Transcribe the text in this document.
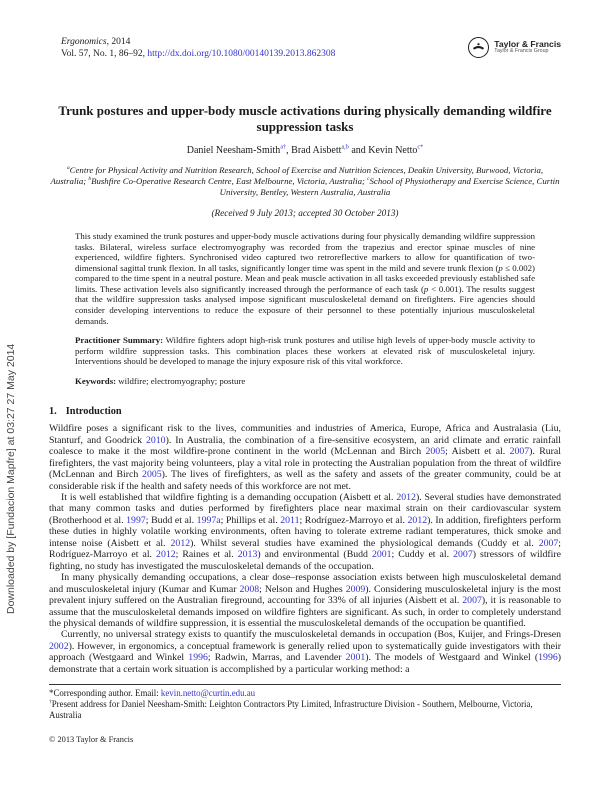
Downloaded by [Fundacion Mapfre] at 03:27 27 May 2014
Ergonomics, 2014
Vol. 57, No. 1, 86–92, http://dx.doi.org/10.1080/00140139.2013.862308
Taylor & Francis
Taylor & Francis Group
Trunk postures and upper-body muscle activations during physically demanding wildfire suppression tasks
Daniel Neesham-Smith$^{a\dagger}$, Brad Aisbett$^{a,b}$ and Kevin Netto$^{c*}$
$^a$Centre for Physical Activity and Nutrition Research, School of Exercise and Nutrition Sciences, Deakin University, Burwood, Victoria, Australia; $^b$Bushfire Co-Operative Research Centre, East Melbourne, Victoria, Australia; $^c$School of Physiotherapy and Exercise Science, Curtin University, Bentley, Western Australia, Australia
(Received 9 July 2013; accepted 30 October 2013)

This study examined the trunk postures and upper-body muscle activations during four physically demanding wildfire suppression tasks. Bilateral, wireless surface electromyography was recorded from the trapezius and erector spinae muscles of nine experienced, wildfire fighters. Synchronised video captured two retroreflective markers to allow for quantification of two-dimensional sagittal trunk flexion. In all tasks, significantly longer time was spent in the mild and severe trunk flexion (p ≤ 0.002) compared to the time spent in a neutral posture. Mean and peak muscle activation in all tasks exceeded previously established safe limits. These activation levels also significantly increased through the performance of each task (p < 0.001). The results suggest that the wildfire suppression tasks analysed impose significant musculoskeletal demand on firefighters. Fire agencies should consider developing interventions to reduce the exposure of their personnel to these potentially injurious musculoskeletal demands.

Practitioner Summary: Wildfire fighters adopt high-risk trunk postures and utilise high levels of upper-body muscle activity to perform wildfire suppression tasks. This combination places these workers at elevated risk of musculoskeletal injury. Interventions should be developed to manage the injury exposure risk of this vital workforce.

Keywords: wildfire; electromyography; posture

1. Introduction

Wildfire poses a significant risk to the lives, communities and industries of America, Europe, Africa and Australasia (Liu, Stanturf, and Goodrick 2010). In Australia, the combination of a fire-sensitive ecosystem, an arid climate and erratic rainfall coalesce to make it the most wildfire-prone continent in the world (McLennan and Birch 2005; Aisbett et al. 2007). Rural firefighters, the vast majority being volunteers, play a vital role in protecting the Australian population from the threat of wildfire (McLennan and Birch 2005). The lives of firefighters, as well as the safety and assets of the greater community, could be at considerable risk if the health and safety needs of this workforce are not met.

It is well established that wildfire fighting is a demanding occupation (Aisbett et al. 2012). Several studies have demonstrated that many common tasks and duties performed by firefighters place near maximal strain on their cardiovascular system (Brotherhood et al. 1997; Budd et al. 1997a; Phillips et al. 2011; Rodríguez-Marroyo et al. 2012). In addition, firefighters perform these duties in highly volatile working environments, often having to tolerate extreme radiant temperatures, thick smoke and intense noise (Aisbett et al. 2012). Whilst several studies have examined the physiological demands (Cuddy et al. 2007; Rodríguez-Marroyo et al. 2012; Raines et al. 2013) and environmental (Budd 2001; Cuddy et al. 2007) stressors of wildfire fighting, no study has investigated the musculoskeletal demands of the occupation.

In many physically demanding occupations, a clear dose–response association exists between high musculoskeletal demand and musculoskeletal injury (Kumar and Kumar 2008; Nelson and Hughes 2009). Considering musculoskeletal injury is the most prevalent injury suffered on the Australian fireground, accounting for 33% of all injuries (Aisbett et al. 2007), it is reasonable to assume that the musculoskeletal demands imposed on wildfire fighters are significant. As such, in order to completely understand the physical demands of wildfire suppression, it is essential the musculoskeletal demands of the occupation be quantified.

Currently, no universal strategy exists to quantify the musculoskeletal demands in occupation (Bos, Kuijer, and Frings-Dresen 2002). However, in ergonomics, a conceptual framework is generally relied upon to systematically guide investigators with their approach (Westgaard and Winkel 1996; Radwin, Marras, and Lavender 2001). The models of Westgaard and Winkel (1996) demonstrate that a certain work situation is accomplished by a particular working method: a

*Corresponding author. Email: kevin.netto@curtin.edu.au
†Present address for Daniel Neesham-Smith: Leighton Contractors Pty Limited, Infrastructure Division - Southern, Melbourne, Victoria, Australia
© 2013 Taylor & Francis
